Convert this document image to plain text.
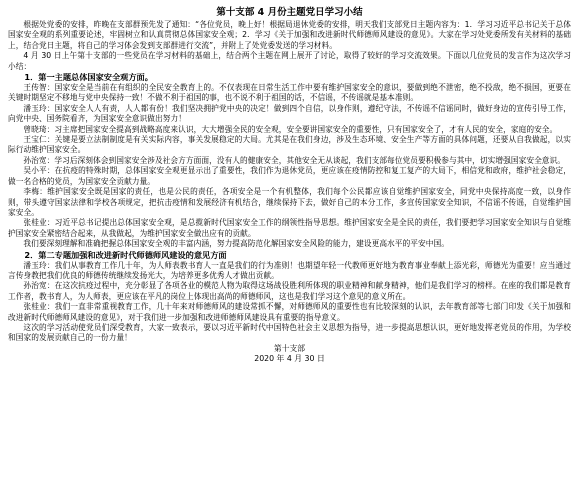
第十支部 4 月份主题党日学习小结

根据处党委的安排，昨晚在支部群预先发了通知：“各位党员，晚上好！根据局退休党委的安排，明天我们支部党日主题内容为：1．学习习近平总书记关于总体国家安全观的系列重要论述，牢固树立和认真贯彻总体国家安全观；2．学习《关于加强和改进新时代师德师风建设的意见》。大家在学习处党委所发有关材料的基础上，结合党日主题，将自己的学习体会发到支部群进行交流”，并附上了处党委发送的学习材料。

4 月 30 日上午第十支部的一些党员在学习材料的基础上，结合两个主题在网上展开了讨论，取得了较好的学习交流效果。下面以几位党员的发言作为这次学习小结：

1．第一主题总体国家安全观方面。

王传智：国家安全是当前在有组织的全民安全教育上的。不仅表现在日常生活工作中要有维护国家安全的意识，要做到绝不泄密，绝不投敌，绝不损国，更要在关键时期坚定不移地与党中央保持一致！不做不利于祖国的事，也不说不利于祖国的话，不信谣，不传谣就是基本准则。

潘玉玲：国家安全人人有责，人人都有份！我们坚决拥护党中央的决定！做到四个自信，以身作则，遵纪守法，不传谣不信谣同时，做好身边的宣传引导工作，向党中央、国务院看齐，为国家安全意识做出努力！

曾晓琦：习主席把国家安全提高到战略高度来认识，大大增强全民的安全观，安全要讲国家安全的重要性，只有国家安全了，才有人民的安全，家庭的安全。

王宝仁：关键是要立法制制度是有关实际内容，事关发展稳定的大局。尤其是在我们身边，涉及生态环境、安全生产等方面的具体问题，还要从自我做起，以实际行动维护国家安全。

孙治宽：学习后深刻体会到国家安全涉及社会方方面面，没有人的健康安全，其他安全无从谈起，我们支部每位党员要积极参与其中，切实增强国家安全意识。

吴小平：在抗疫的特殊时期，总体国家安全观更显示出了重要性，我们作为退休党员，更应该在疫情防控和复工复产的大局下，相信党和政府，维护社会稳定，做一名合格的党员，为国家安全贡献力量。

李梅：维护国家安全既是国家的责任，也是公民的责任，各项安全是一个有机整体，我们每个公民都应该自觉维护国家安全，同党中央保持高度一致，以身作则，带头遵守国家法律和学校各项规定，把抗击疫情和发展经济有机结合，继续保持下去，做好自己的本分工作，多宣传国家安全知识，不信谣不传谣，自觉维护国家安全。

张桂业：习近平总书记提出总体国家安全观，是总揽新时代国家安全工作的纲领性指导思想。维护国家安全是全民的责任，我们要把学习国家安全知识与自觉维护国家安全紧密结合起来，从我做起，为维护国家安全做出应有的贡献。

我们要深刻理解和准确把握总体国家安全观的丰富内涵，努力提高防范化解国家安全风险的能力，建设更高水平的平安中国。

2．第二专题加强和改进新时代师德师风建设的意见方面

潘玉玲：我们从事教育工作几十年，为人师表教书育人一直是我们的行为准则！也期望年轻一代教师更好地为教育事业奉献上添光彩，师德光为重要！应当通过言传身教把我们优良的师德传统继续发扬光大，为培养更多优秀人才做出贡献。

孙治宽：在这次抗疫过程中，充分彰显了各项各业的模范人物为取得这场战役胜利所体现的职业精神和献身精神，他们是我们学习的榜样。在座的我们都是教育工作者，教书育人，为人师表，更应该在平凡的岗位上体现出高尚的师德师风，这也是我们学习这个意见的意义所在。

张桂业：我们一直非常重视教育工作，几十年来对师德师风的建设常抓不懈，对师德师风的重要性也有比较深刻的认识，去年教育部等七部门印发《关于加强和改进新时代师德师风建设的意见》，对于我们进一步加强和改进师德师风建设具有重要的指导意义。

这次的学习活动使党员们深受教育，大家一致表示，要以习近平新时代中国特色社会主义思想为指导，进一步提高思想认识，更好地发挥老党员的作用，为学校和国家的发展贡献自己的一份力量！

第十支部
2020 年 4 月 30 日
